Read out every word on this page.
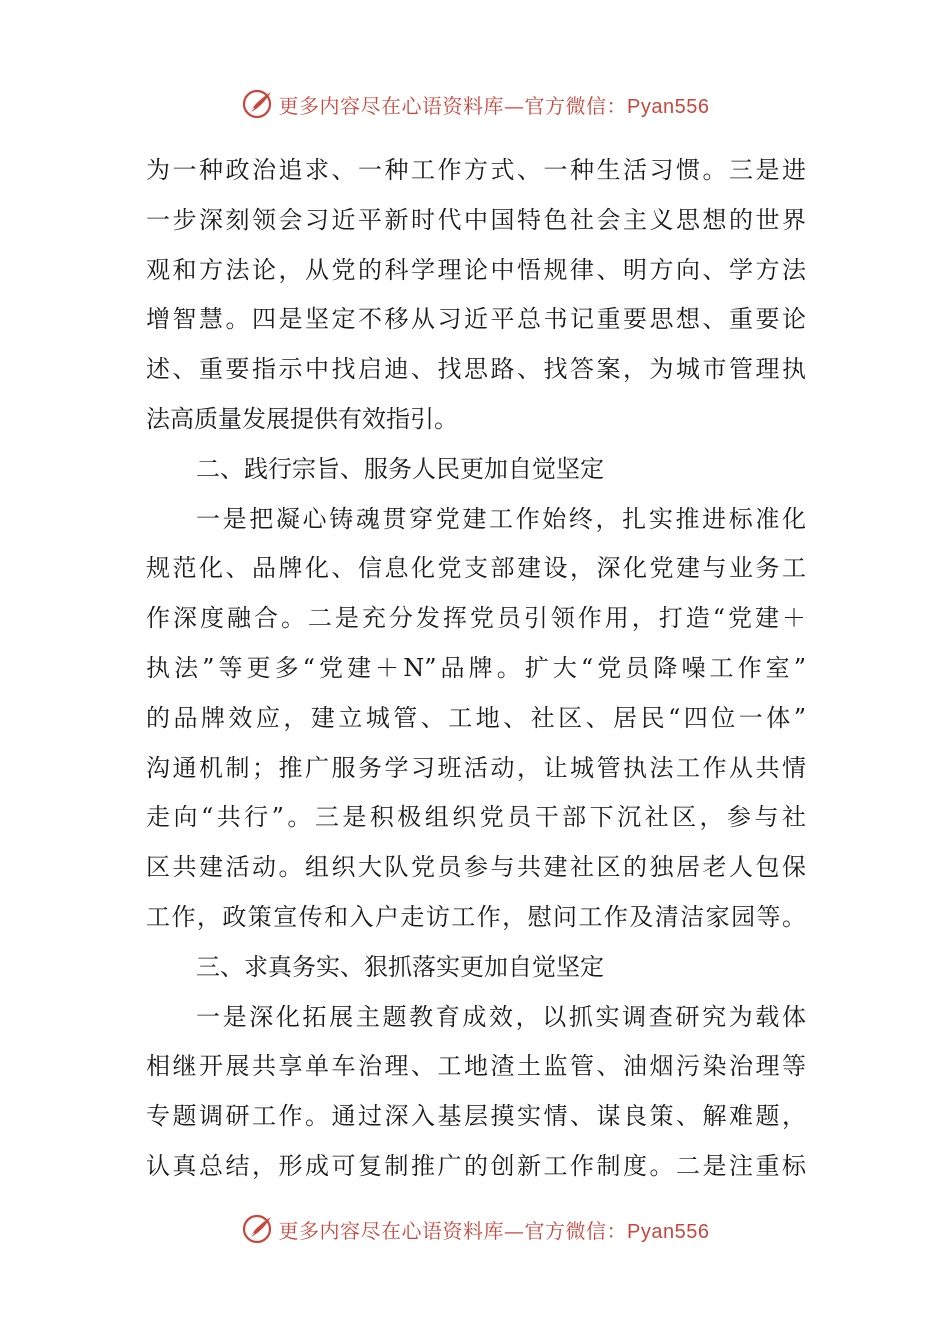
更多内容尽在心语资料库—官方微信：Pyan556
为一种政治追求、一种工作方式、一种生活习惯。三是进
一步深刻领会习近平新时代中国特色社会主义思想的世界
观和方法论，从党的科学理论中悟规律、明方向、学方法
增智慧。四是坚定不移从习近平总书记重要思想、重要论
述、重要指示中找启迪、找思路、找答案，为城市管理执
法高质量发展提供有效指引。
二、践行宗旨、服务人民更加自觉坚定
一是把凝心铸魂贯穿党建工作始终，扎实推进标准化
规范化、品牌化、信息化党支部建设，深化党建与业务工
作深度融合。二是充分发挥党员引领作用，打造“党建＋
执法”等更多“党建＋N”品牌。扩大“党员降噪工作室”
的品牌效应，建立城管、工地、社区、居民“四位一体”
沟通机制；推广服务学习班活动，让城管执法工作从共情
走向“共行”。三是积极组织党员干部下沉社区，参与社
区共建活动。组织大队党员参与共建社区的独居老人包保
工作，政策宣传和入户走访工作，慰问工作及清洁家园等。
三、求真务实、狠抓落实更加自觉坚定
一是深化拓展主题教育成效，以抓实调查研究为载体
相继开展共享单车治理、工地渣土监管、油烟污染治理等
专题调研工作。通过深入基层摸实情、谋良策、解难题，
认真总结，形成可复制推广的创新工作制度。二是注重标
更多内容尽在心语资料库—官方微信：Pyan556
